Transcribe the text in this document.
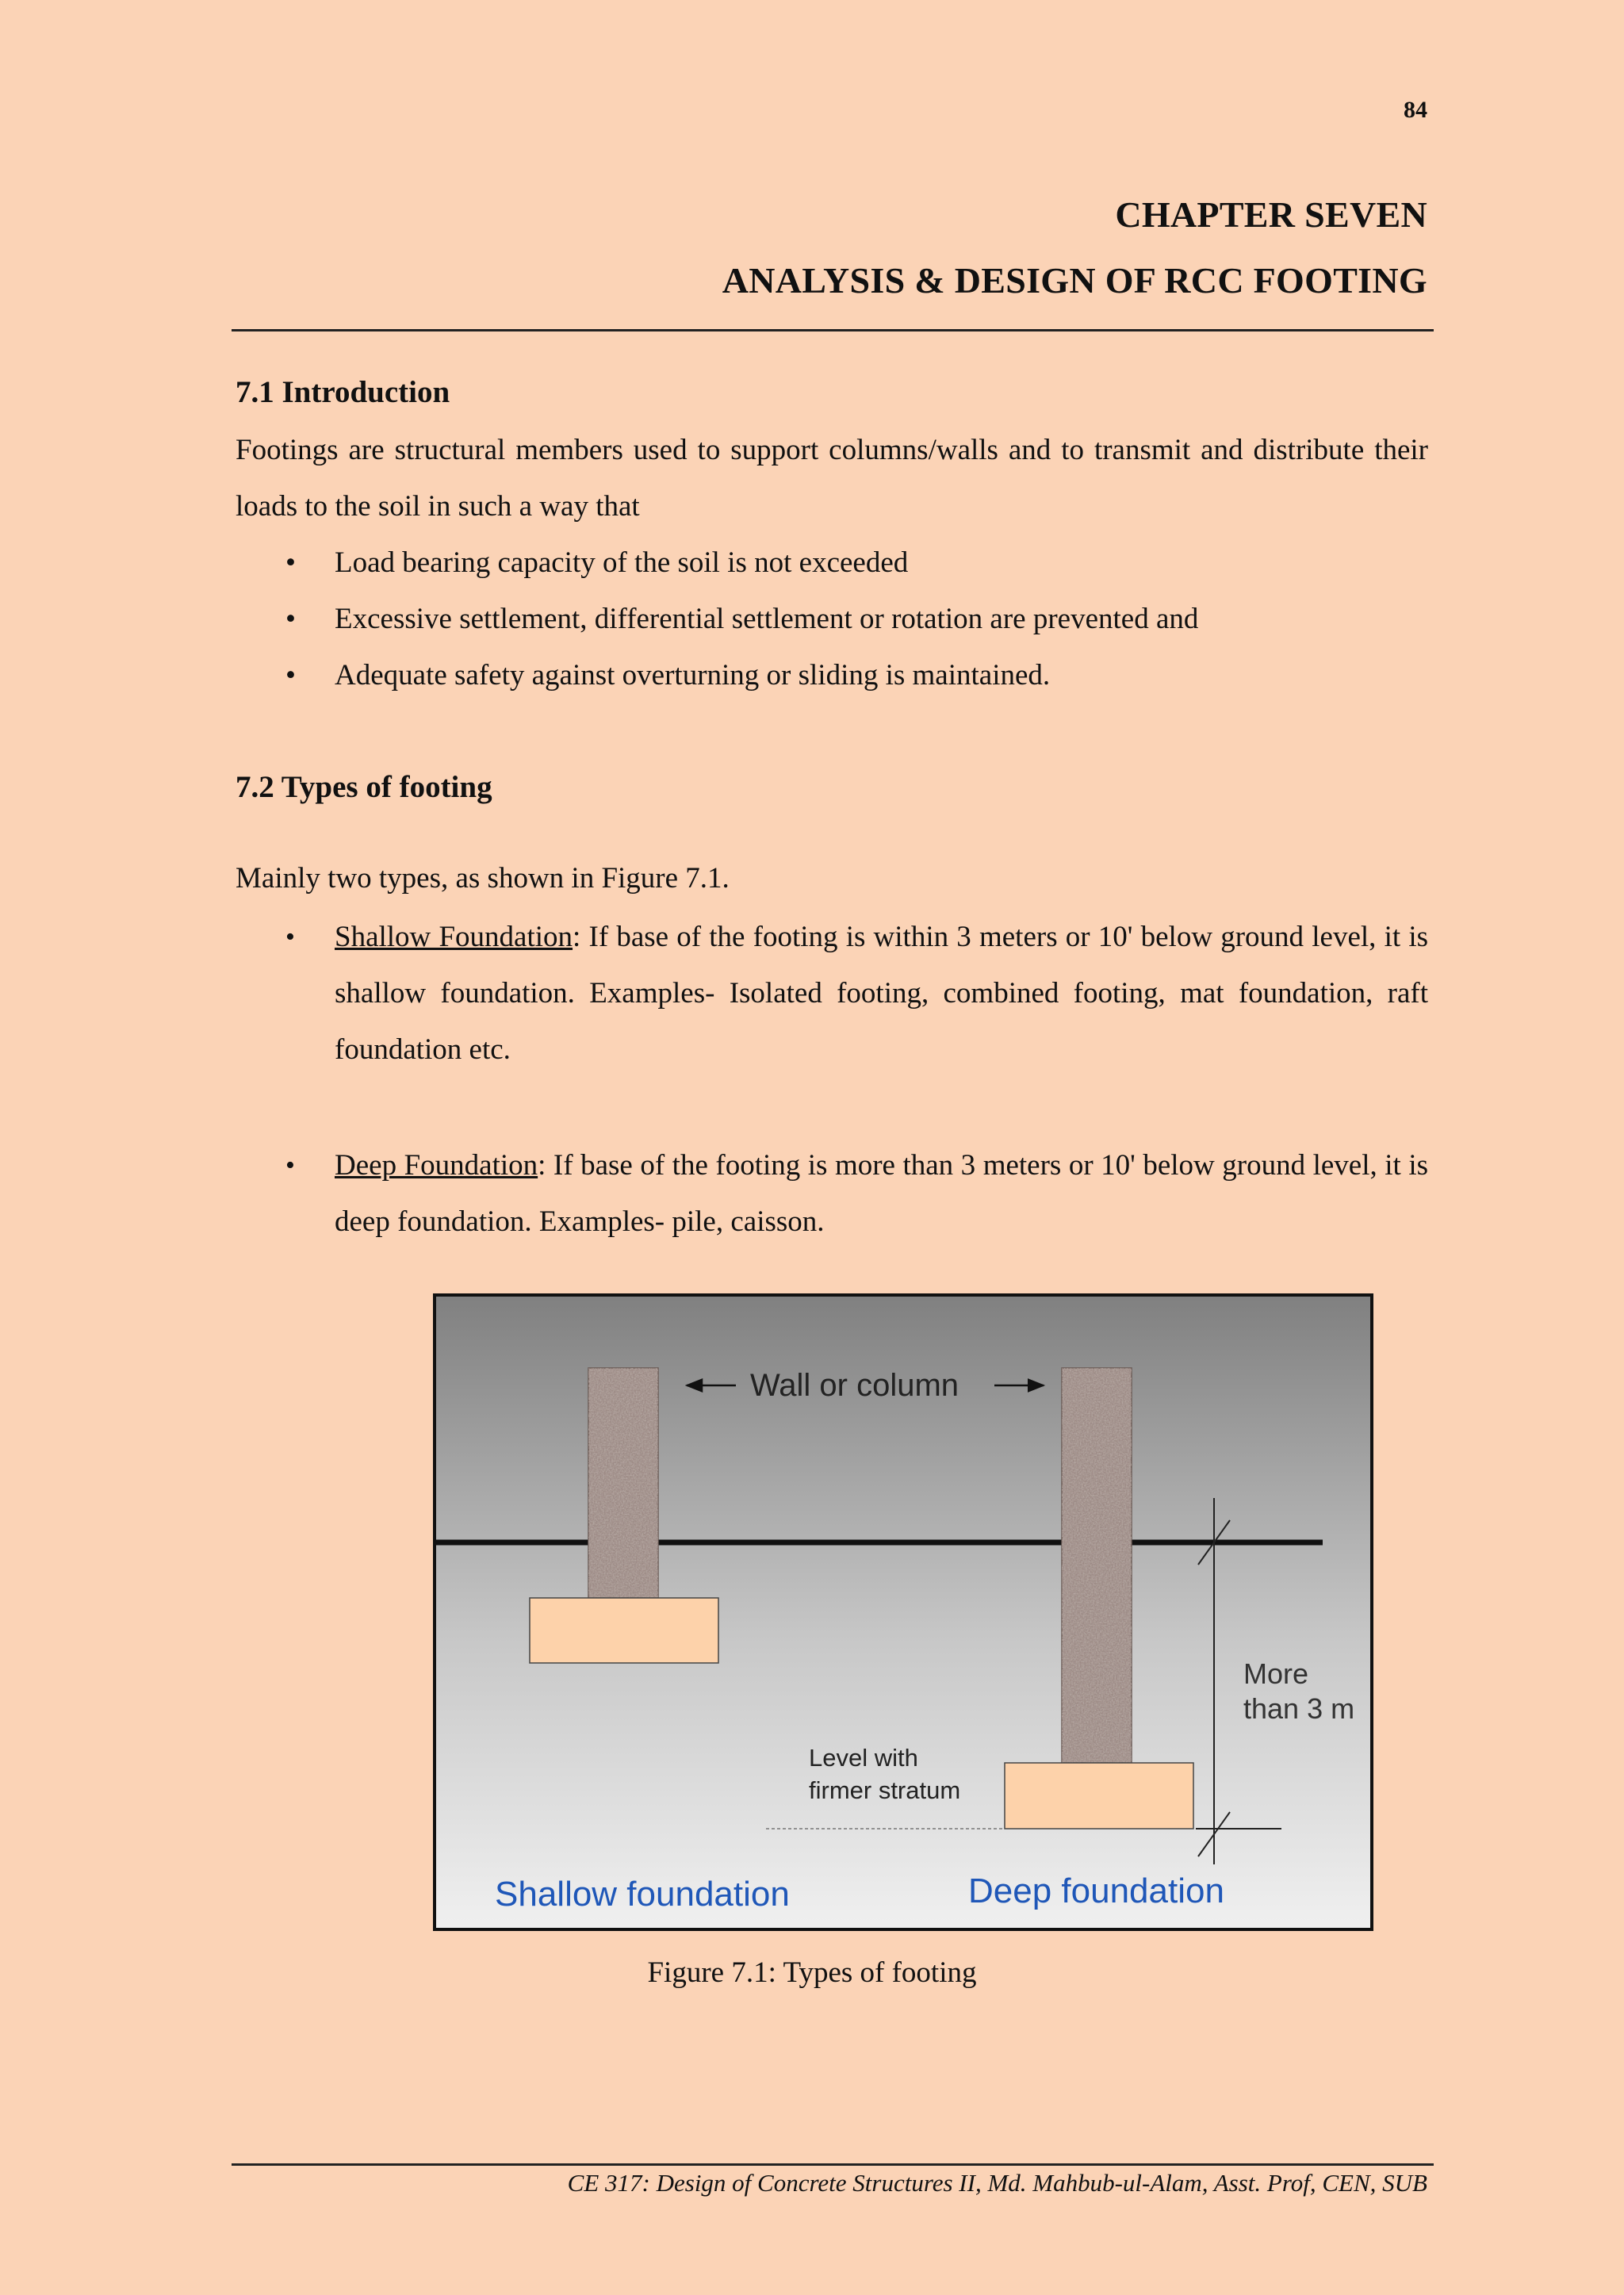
84
CHAPTER SEVEN
ANALYSIS & DESIGN OF RCC FOOTING
7.1 Introduction
Footings are structural members used to support columns/walls and to transmit and distribute their loads to the soil in such a way that
• Load bearing capacity of the soil is not exceeded
• Excessive settlement, differential settlement or rotation are prevented and
• Adequate safety against overturning or sliding is maintained.
7.2 Types of footing
Mainly two types, as shown in Figure 7.1.
• Shallow Foundation: If base of the footing is within 3 meters or 10' below ground level, it is shallow foundation. Examples- Isolated footing, combined footing, mat foundation, raft foundation etc.
• Deep Foundation: If base of the footing is more than 3 meters or 10' below ground level, it is deep foundation. Examples- pile, caisson.
Wall or column
More
than 3 m
Level with
firmer stratum
Shallow foundation	Deep foundation
Figure 7.1: Types of footing
CE 317: Design of Concrete Structures II, Md. Mahbub-ul-Alam, Asst. Prof, CEN, SUB
